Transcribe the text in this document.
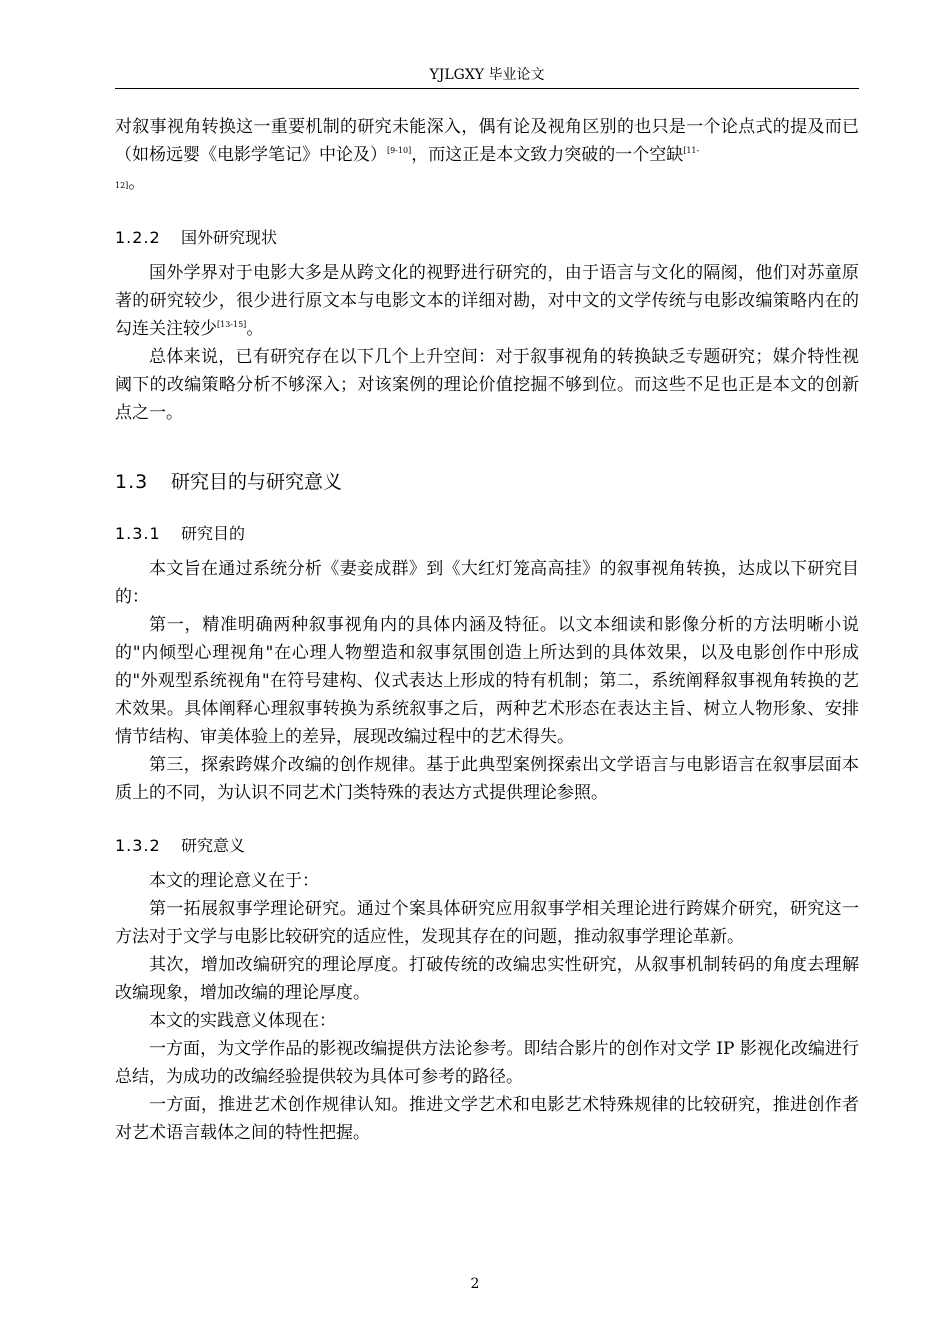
YJLGXY 毕业论文

对叙事视角转换这一重要机制的研究未能深入，偶有论及视角区别的也只是一个论点式的提及而已（如杨远婴《电影学笔记》中论及）[9-10]，而这正是本文致力突破的一个空缺$^{[11-}$
12]。

1.2.2 国外研究现状

国外学界对于电影大多是从跨文化的视野进行研究的，由于语言与文化的隔阂，他们对苏童原著的研究较少，很少进行原文本与电影文本的详细对勘，对中文的文学传统与电影改编策略内在的勾连关注较少[13-15]。

总体来说，已有研究存在以下几个上升空间：对于叙事视角的转换缺乏专题研究；媒介特性视阈下的改编策略分析不够深入；对该案例的理论价值挖掘不够到位。而这些不足也正是本文的创新点之一。

1.3 研究目的与研究意义
1.3.1 研究目的

本文旨在通过系统分析《妻妾成群》到《大红灯笼高高挂》的叙事视角转换，达成以下研究目的：

第一，精准明确两种叙事视角内的具体内涵及特征。以文本细读和影像分析的方法明晰小说的"内倾型心理视角"在心理人物塑造和叙事氛围创造上所达到的具体效果，以及电影创作中形成的"外观型系统视角"在符号建构、仪式表达上形成的特有机制；第二，系统阐释叙事视角转换的艺术效果。具体阐释心理叙事转换为系统叙事之后，两种艺术形态在表达主旨、树立人物形象、安排情节结构、审美体验上的差异，展现改编过程中的艺术得失。

第三，探索跨媒介改编的创作规律。基于此典型案例探索出文学语言与电影语言在叙事层面本质上的不同，为认识不同艺术门类特殊的表达方式提供理论参照。

1.3.2 研究意义

本文的理论意义在于：

第一拓展叙事学理论研究。通过个案具体研究应用叙事学相关理论进行跨媒介研究，研究这一方法对于文学与电影比较研究的适应性，发现其存在的问题，推动叙事学理论革新。

其次，增加改编研究的理论厚度。打破传统的改编忠实性研究，从叙事机制转码的角度去理解改编现象，增加改编的理论厚度。

本文的实践意义体现在：

一方面，为文学作品的影视改编提供方法论参考。即结合影片的创作对文学 IP 影视化改编进行总结，为成功的改编经验提供较为具体可参考的路径。

一方面，推进艺术创作规律认知。推进文学艺术和电影艺术特殊规律的比较研究，推进创作者对艺术语言载体之间的特性把握。

2
